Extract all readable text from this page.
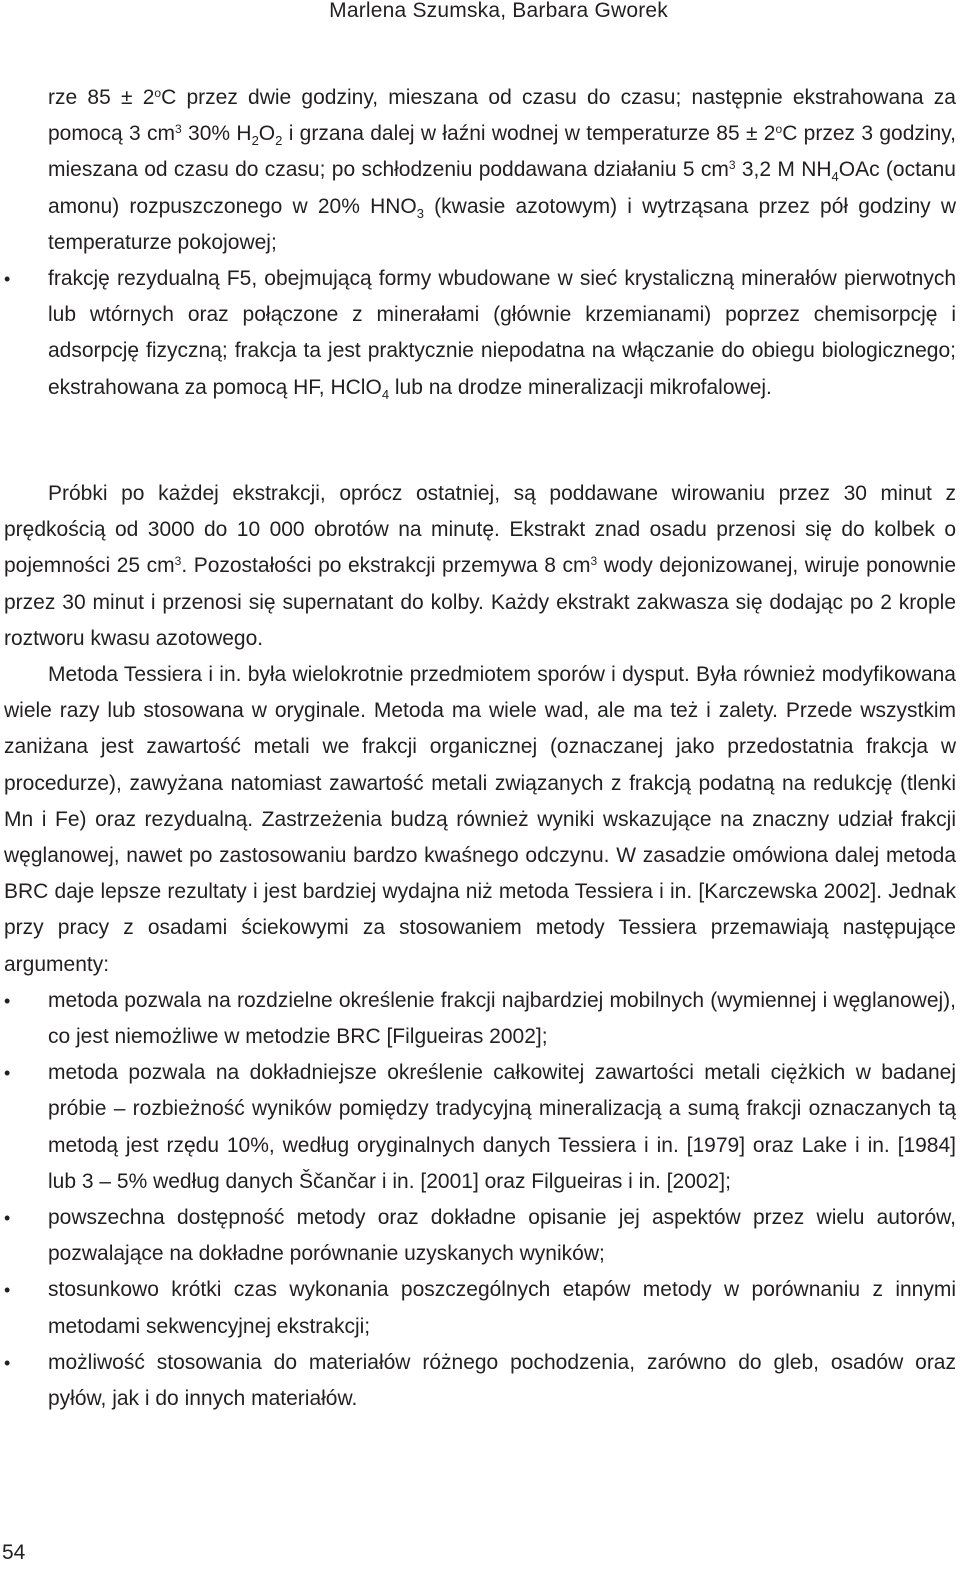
Marlena Szumska, Barbara Gworek
rze $85 \pm 2^oC$ przez dwie godziny, mieszana od czasu do czasu; następnie ekstrahowana za pomocą 3 $cm^3$ 30% $H_2O_2$ i grzana dalej w łaźni wodnej w temperaturze $85 \pm 2^oC$ przez 3 godziny, mieszana od czasu do czasu; po schłodzeniu poddawana działaniu 5 $cm^3$ 3,2 M $NH_4OAc$ (octanu amonu) rozpuszczonego w 20% $HNO_3$ (kwasie azotowym) i wytrząsana przez pół godziny w temperaturze pokojowej;
• frakcję rezydualną F5, obejmującą formy wbudowane w sieć krystaliczną minerałów pierwotnych lub wtórnych oraz połączone z minerałami (głównie krzemianami) poprzez chemisorpcję i adsorpcję fizyczną; frakcja ta jest praktycznie niepodatna na włączanie do obiegu biologicznego; ekstrahowana za pomocą HF, HClO$_4$ lub na drodze mineralizacji mikrofalowej.

Próbki po każdej ekstrakcji, oprócz ostatniej, są poddawane wirowaniu przez 30 minut z prędkością od 3000 do 10 000 obrotów na minutę. Ekstrakt znad osadu przenosi się do kolbek o pojemności 25 $cm^3$. Pozostałości po ekstrakcji przemywa 8 $cm^3$ wody dejonizowanej, wiruje ponownie przez 30 minut i przenosi się supernatant do kolby. Każdy ekstrakt zakwasza się dodając po 2 krople roztworu kwasu azotowego.

Metoda Tessiera i in. była wielokrotnie przedmiotem sporów i dysput. Była również modyfikowana wiele razy lub stosowana w oryginale. Metoda ma wiele wad, ale ma też i zalety. Przede wszystkim zaniżana jest zawartość metali we frakcji organicznej (oznaczanej jako przedostatnia frakcja w procedurze), zawyżana natomiast zawartość metali związanych z frakcją podatną na redukcję (tlenki Mn i Fe) oraz rezydualną. Zastrzeżenia budzą również wyniki wskazujące na znaczny udział frakcji węglanowej, nawet po zastosowaniu bardzo kwaśnego odczynu. W zasadzie omówiona dalej metoda BRC daje lepsze rezultaty i jest bardziej wydajna niż metoda Tessiera i in. [Karczewska 2002]. Jednak przy pracy z osadami ściekowymi za stosowaniem metody Tessiera przemawiają następujące argumenty:

• metoda pozwala na rozdzielne określenie frakcji najbardziej mobilnych (wymiennej i węglanowej), co jest niemożliwe w metodzie BRC [Filgueiras 2002];
• metoda pozwala na dokładniejsze określenie całkowitej zawartości metali ciężkich w badanej próbie – rozbieżność wyników pomiędzy tradycyjną mineralizacją a sumą frakcji oznaczanych tą metodą jest rzędu 10%, według oryginalnych danych Tessiera i in. [1979] oraz Lake i in. [1984] lub 3 – 5% według danych Ščančar i in. [2001] oraz Filgueiras i in. [2002];
• powszechna dostępność metody oraz dokładne opisanie jej aspektów przez wielu autorów, pozwalające na dokładne porównanie uzyskanych wyników;
• stosunkowo krótki czas wykonania poszczególnych etapów metody w porównaniu z innymi metodami sekwencyjnej ekstrakcji;
• możliwość stosowania do materiałów różnego pochodzenia, zarówno do gleb, osadów oraz pyłów, jak i do innych materiałów.
54
